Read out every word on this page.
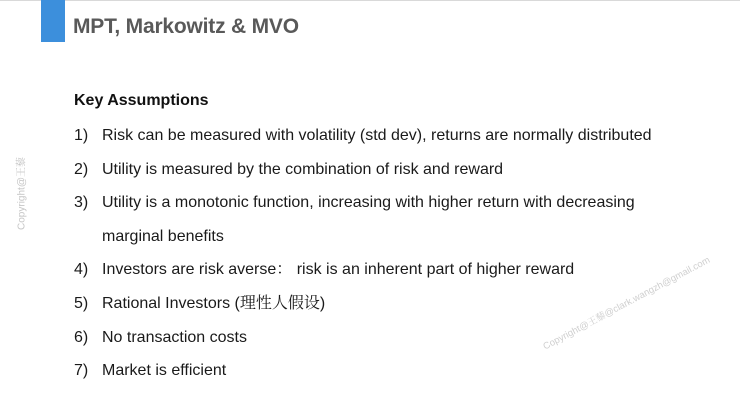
MPT, Markowitz & MVO
Key Assumptions
1) Risk can be measured with volatility (std dev), returns are normally distributed
2) Utility is measured by the combination of risk and reward
3) Utility is a monotonic function, increasing with higher return with decreasing
marginal benefits
4) Investors are risk averse： risk is an inherent part of higher reward
5) Rational Investors (理性人假设)
6) No transaction costs
7) Market is efficient
Copyright@王藜
Copyright@王藜@clark.wangzh@gmail.com
